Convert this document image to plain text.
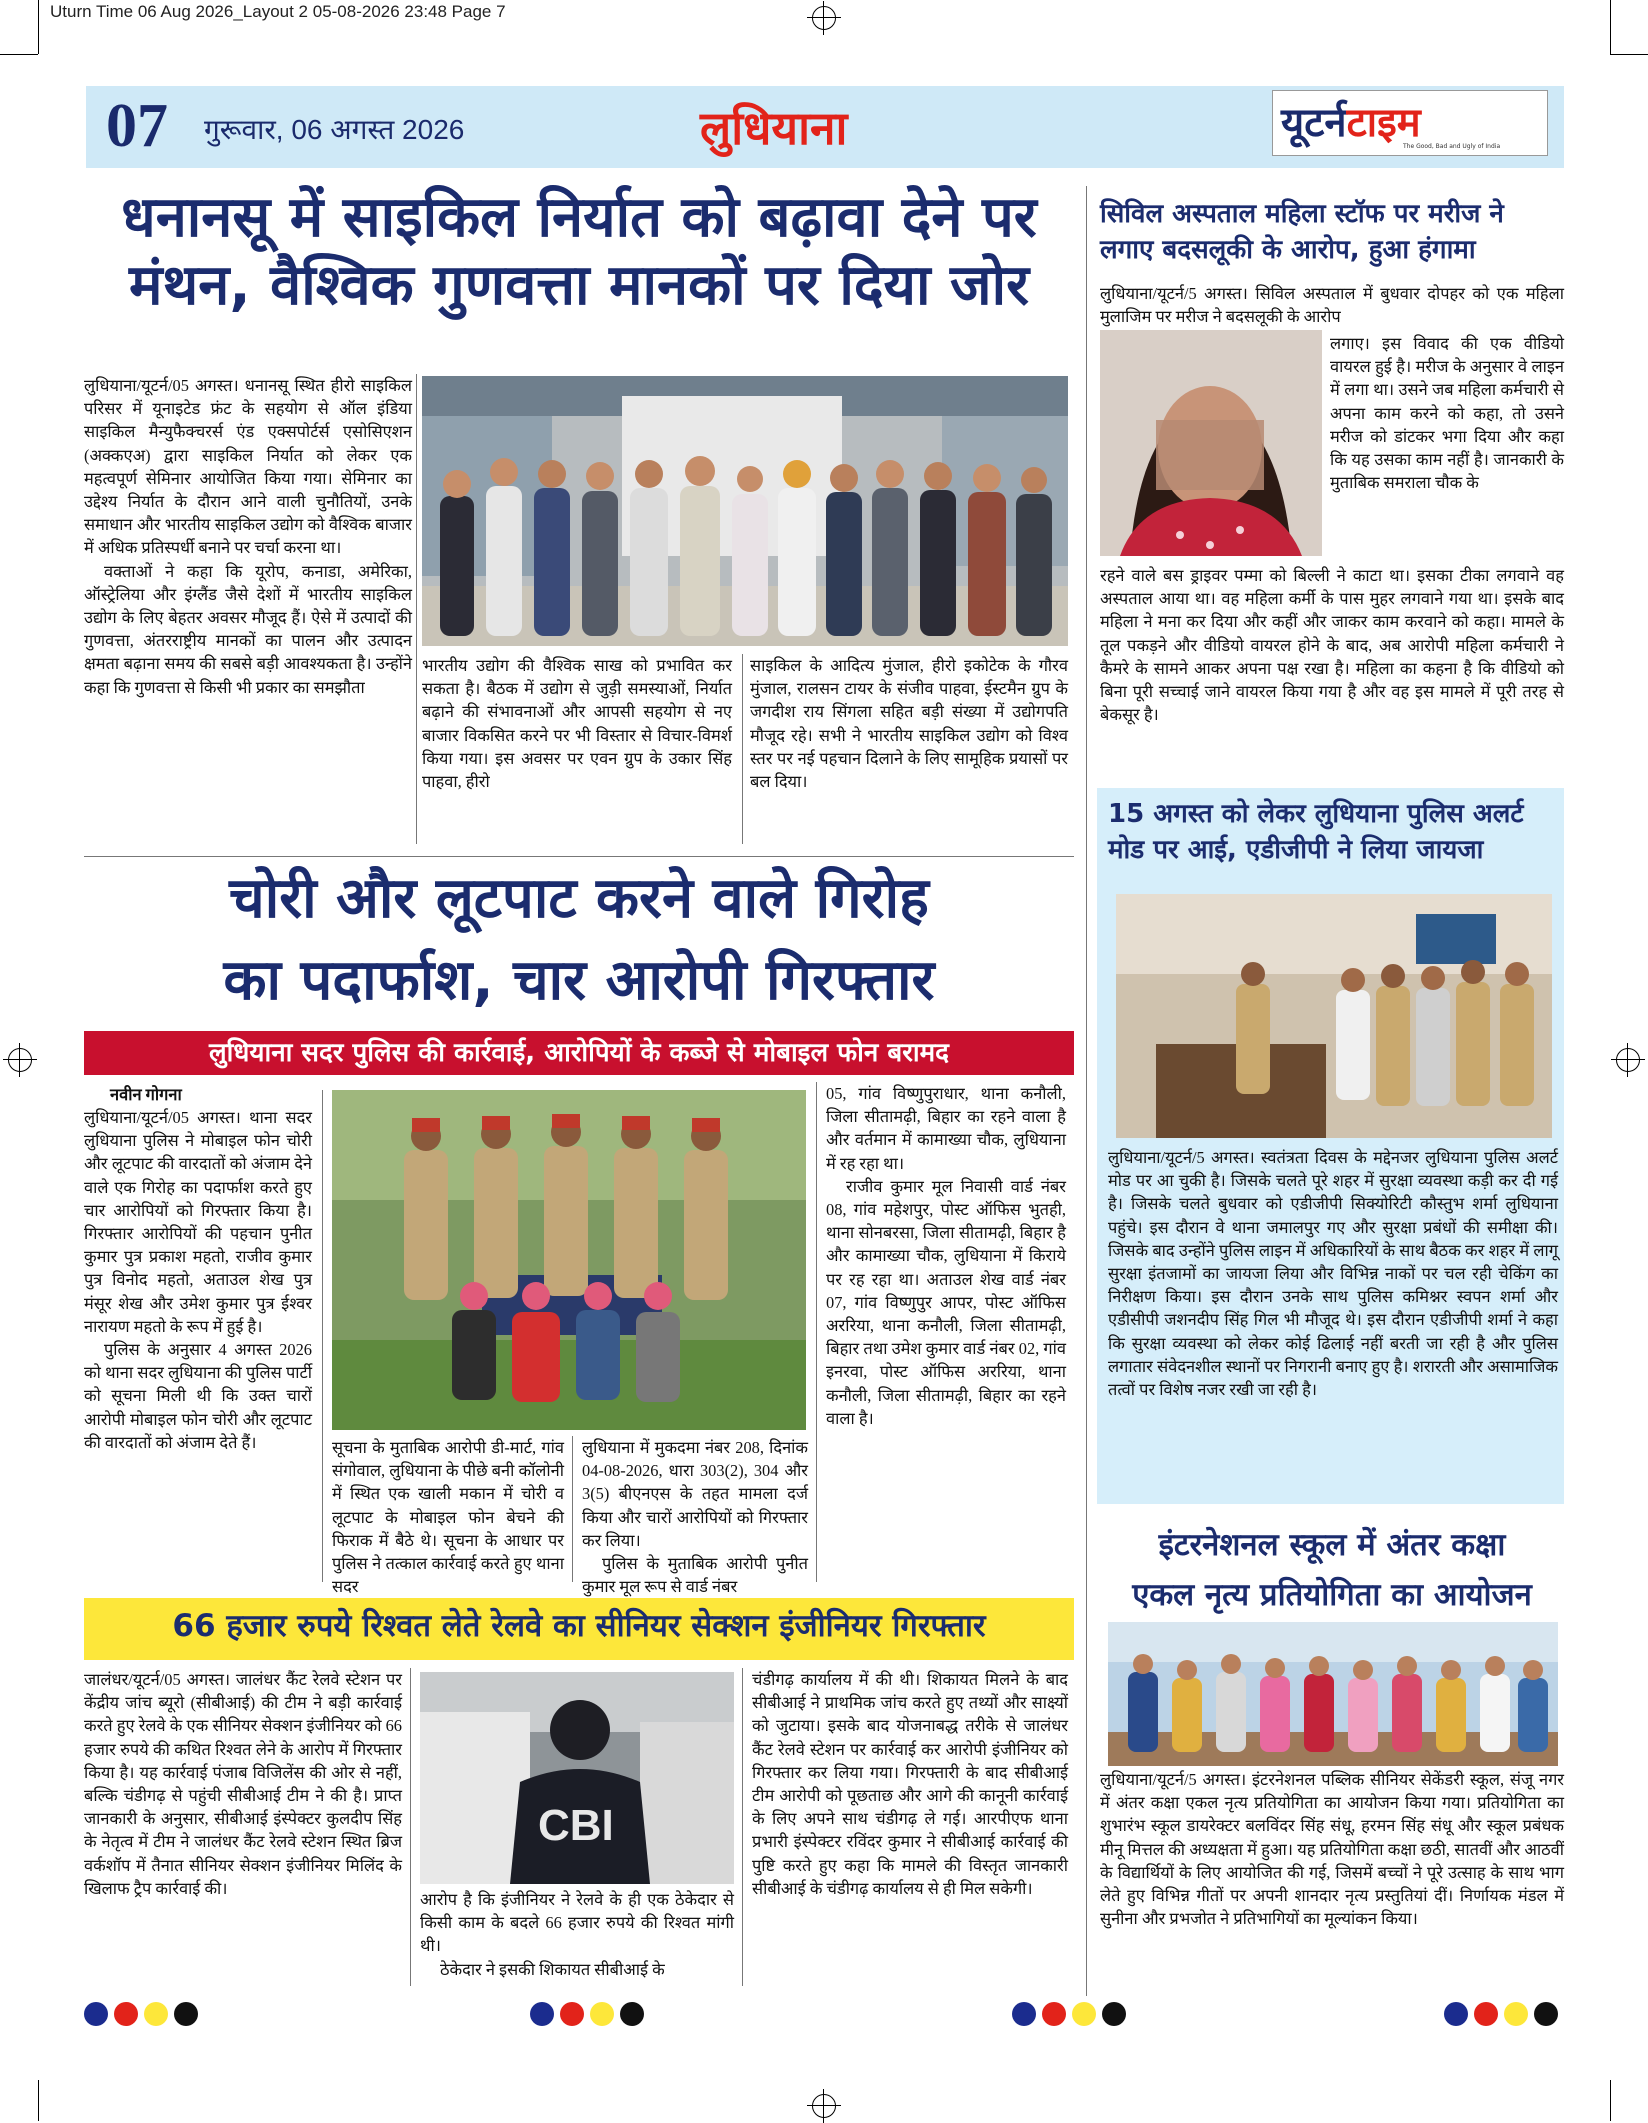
Uturn Time 06 Aug 2026_Layout 2 05-08-2026 23:48 Page 7
07 गुरूवार, 06 अगस्त 2026	लुधियाना	यूटर्नटाइम
The Good, Bad and Ugly of India
धनानसू में साइकिल निर्यात को बढ़ावा देने पर
मंथन, वैश्विक गुणवत्ता मानकों पर दिया जोर

लुधियाना/यूटर्न/05 अगस्त। धनानसू स्थित हीरो साइकिल परिसर में यूनाइटेड फ्रंट के सहयोग से ऑल इंडिया साइकिल मैन्युफैक्चरर्स एंड एक्सपोर्टर्स एसोसिएशन (अक्कएअ) द्वारा साइकिल निर्यात को लेकर एक महत्वपूर्ण सेमिनार आयोजित किया गया। सेमिनार का उद्देश्य निर्यात के दौरान आने वाली चुनौतियों, उनके समाधान और भारतीय साइकिल उद्योग को वैश्विक बाजार में अधिक प्रतिस्पर्धी बनाने पर चर्चा करना था।

वक्ताओं ने कहा कि यूरोप, कनाडा, अमेरिका, ऑस्ट्रेलिया और इंग्लैंड जैसे देशों में भारतीय साइकिल उद्योग के लिए बेहतर अवसर मौजूद हैं। ऐसे में उत्पादों की गुणवत्ता, अंतरराष्ट्रीय मानकों का पालन और उत्पादन क्षमता बढ़ाना समय की सबसे बड़ी आवश्यकता है। उन्होंने कहा कि गुणवत्ता से किसी भी प्रकार का समझौता

भारतीय उद्योग की वैश्विक साख को प्रभावित कर सकता है। बैठक में उद्योग से जुड़ी समस्याओं, निर्यात बढ़ाने की संभावनाओं और आपसी सहयोग से नए बाजार विकसित करने पर भी विस्तार से विचार-विमर्श किया गया। इस अवसर पर एवन ग्रुप के उकार सिंह पाहवा, हीरो
साइकिल के आदित्य मुंजाल, हीरो इकोटेक के गौरव मुंजाल, रालसन टायर के संजीव पाहवा, ईस्टमैन ग्रुप के जगदीश राय सिंगला सहित बड़ी संख्या में उद्योगपति मौजूद रहे। सभी ने भारतीय साइकिल उद्योग को विश्व स्तर पर नई पहचान दिलाने के लिए सामूहिक प्रयासों पर बल दिया।
चोरी और लूटपाट करने वाले गिरोह
का पदार्फाश, चार आरोपी गिरफ्तार
लुधियाना सदर पुलिस की कार्रवाई, आरोपियों के कब्जे से मोबाइल फोन बरामद
नवीन गोगना

लुधियाना/यूटर्न/05 अगस्त। थाना सदर लुधियाना पुलिस ने मोबाइल फोन चोरी और लूटपाट की वारदातों को अंजाम देने वाले एक गिरोह का पदार्फाश करते हुए चार आरोपियों को गिरफ्तार किया है। गिरफ्तार आरोपियों की पहचान पुनीत कुमार पुत्र प्रकाश महतो, राजीव कुमार पुत्र विनोद महतो, अताउल शेख पुत्र मंसूर शेख और उमेश कुमार पुत्र ईश्वर नारायण महतो के रूप में हुई है।

पुलिस के अनुसार 4 अगस्त 2026 को थाना सदर लुधियाना की पुलिस पार्टी को सूचना मिली थी कि उक्त चारों आरोपी मोबाइल फोन चोरी और लूटपाट की वारदातों को अंजाम देते हैं।	सूचना के मुताबिक आरोपी डी-मार्ट, गांव संगोवाल, लुधियाना के पीछे बनी कॉलोनी में स्थित एक खाली मकान में चोरी व लूटपाट के मोबाइल फोन बेचने की फिराक में बैठे थे। सूचना के आधार पर पुलिस ने तत्काल कार्रवाई करते हुए थाना सदर

लुधियाना में मुकदमा नंबर 208, दिनांक 04-08-2026, धारा 303(2), 304 और 3(5) बीएनएस के तहत मामला दर्ज किया और चारों आरोपियों को गिरफ्तार कर लिया।

पुलिस के मुताबिक आरोपी पुनीत कुमार मूल रूप से वार्ड नंबर

05, गांव विष्णुपुराधार, थाना कनौली, जिला सीतामढ़ी, बिहार का रहने वाला है और वर्तमान में कामाख्या चौक, लुधियाना में रह रहा था।

राजीव कुमार मूल निवासी वार्ड नंबर 08, गांव महेशपुर, पोस्ट ऑफिस भुतही, थाना सोनबरसा, जिला सीतामढ़ी, बिहार है और कामाख्या चौक, लुधियाना में किराये पर रह रहा था। अताउल शेख वार्ड नंबर 07, गांव विष्णुपुर आपर, पोस्ट ऑफिस अररिया, थाना कनौली, जिला सीतामढ़ी, बिहार तथा उमेश कुमार वार्ड नंबर 02, गांव इनरवा, पोस्ट ऑफिस अररिया, थाना कनौली, जिला सीतामढ़ी, बिहार का रहने वाला है।

66 हजार रुपये रिश्वत लेते रेलवे का सीनियर सेक्शन इंजीनियर गिरफ्तार
जालंधर/यूटर्न/05 अगस्त। जालंधर कैंट रेलवे स्टेशन पर केंद्रीय जांच ब्यूरो (सीबीआई) की टीम ने बड़ी कार्रवाई करते हुए रेलवे के एक सीनियर सेक्शन इंजीनियर को 66 हजार रुपये की कथित रिश्वत लेने के आरोप में गिरफ्तार किया है। यह कार्रवाई पंजाब विजिलेंस की ओर से नहीं, बल्कि चंडीगढ़ से पहुंची सीबीआई टीम ने की है। प्राप्त जानकारी के अनुसार, सीबीआई इंस्पेक्टर कुलदीप सिंह के नेतृत्व में टीम ने जालंधर कैंट रेलवे स्टेशन स्थित ब्रिज वर्कशॉप में तैनात सीनियर सेक्शन इंजीनियर मिलिंद के खिलाफ ट्रैप कार्रवाई की।
CBI

आरोप है कि इंजीनियर ने रेलवे के ही एक ठेकेदार से किसी काम के बदले 66 हजार रुपये की रिश्वत मांगी थी।

ठेकेदार ने इसकी शिकायत सीबीआई के

चंडीगढ़ कार्यालय में की थी। शिकायत मिलने के बाद सीबीआई ने प्राथमिक जांच करते हुए तथ्यों और साक्ष्यों को जुटाया। इसके बाद योजनाबद्ध तरीके से जालंधर कैंट रेलवे स्टेशन पर कार्रवाई कर आरोपी इंजीनियर को गिरफ्तार कर लिया गया। गिरफ्तारी के बाद सीबीआई टीम आरोपी को पूछताछ और आगे की कानूनी कार्रवाई के लिए अपने साथ चंडीगढ़ ले गई। आरपीएफ थाना प्रभारी इंस्पेक्टर रविंदर कुमार ने सीबीआई कार्रवाई की पुष्टि करते हुए कहा कि मामले की विस्तृत जानकारी सीबीआई के चंडीगढ़ कार्यालय से ही मिल सकेगी।
सिविल अस्पताल महिला स्टॉफ पर मरीज ने
लगाए बदसलूकी के आरोप, हुआ हंगामा
लुधियाना/यूटर्न/5 अगस्त। सिविल अस्पताल में बुधवार दोपहर को एक महिला मुलाजिम पर मरीज ने बदसलूकी के आरोप
लगाए। इस विवाद की एक वीडियो वायरल हुई है। मरीज के अनुसार वे लाइन में लगा था। उसने जब महिला कर्मचारी से अपना काम करने को कहा, तो उसने मरीज को डांटकर भगा दिया और कहा कि यह उसका काम नहीं है। जानकारी के मुताबिक समराला चौक के
रहने वाले बस ड्राइवर पम्मा को बिल्ली ने काटा था। इसका टीका लगवाने वह अस्पताल आया था। वह महिला कर्मी के पास मुहर लगवाने गया था। इसके बाद महिला ने मना कर दिया और कहीं और जाकर काम करवाने को कहा। मामले के तूल पकड़ने और वीडियो वायरल होने के बाद, अब आरोपी महिला कर्मचारी ने कैमरे के सामने आकर अपना पक्ष रखा है। महिला का कहना है कि वीडियो को बिना पूरी सच्चाई जाने वायरल किया गया है और वह इस मामले में पूरी तरह से बेकसूर है।
15 अगस्त को लेकर लुधियाना पुलिस अलर्ट
मोड पर आई, एडीजीपी ने लिया जायजा
लुधियाना/यूटर्न/5 अगस्त। स्वतंत्रता दिवस के मद्देनजर लुधियाना पुलिस अलर्ट मोड पर आ चुकी है। जिसके चलते पूरे शहर में सुरक्षा व्यवस्था कड़ी कर दी गई है। जिसके चलते बुधवार को एडीजीपी सिक्योरिटी कौस्तुभ शर्मा लुधियाना पहुंचे। इस दौरान वे थाना जमालपुर गए और सुरक्षा प्रबंधों की समीक्षा की। जिसके बाद उन्होंने पुलिस लाइन में अधिकारियों के साथ बैठक कर शहर में लागू सुरक्षा इंतजामों का जायजा लिया और विभिन्न नाकों पर चल रही चेकिंग का निरीक्षण किया। इस दौरान उनके साथ पुलिस कमिश्नर स्वपन शर्मा और एडीसीपी जशनदीप सिंह गिल भी मौजूद थे। इस दौरान एडीजीपी शर्मा ने कहा कि सुरक्षा व्यवस्था को लेकर कोई ढिलाई नहीं बरती जा रही है और पुलिस लगातार संवेदनशील स्थानों पर निगरानी बनाए हुए है। शरारती और असामाजिक तत्वों पर विशेष नजर रखी जा रही है।
इंटरनेशनल स्कूल में अंतर कक्षा
एकल नृत्य प्रतियोगिता का आयोजन
लुधियाना/यूटर्न/5 अगस्त। इंटरनेशनल पब्लिक सीनियर सेकेंडरी स्कूल, संजू नगर में अंतर कक्षा एकल नृत्य प्रतियोगिता का आयोजन किया गया। प्रतियोगिता का शुभारंभ स्कूल डायरेक्टर बलविंदर सिंह संधू, हरमन सिंह संधू और स्कूल प्रबंधक मीनू मित्तल की अध्यक्षता में हुआ। यह प्रतियोगिता कक्षा छठी, सातवीं और आठवीं के विद्यार्थियों के लिए आयोजित की गई, जिसमें बच्चों ने पूरे उत्साह के साथ भाग लेते हुए विभिन्न गीतों पर अपनी शानदार नृत्य प्रस्तुतियां दीं। निर्णायक मंडल में सुनीना और प्रभजोत ने प्रतिभागियों का मूल्यांकन किया।
